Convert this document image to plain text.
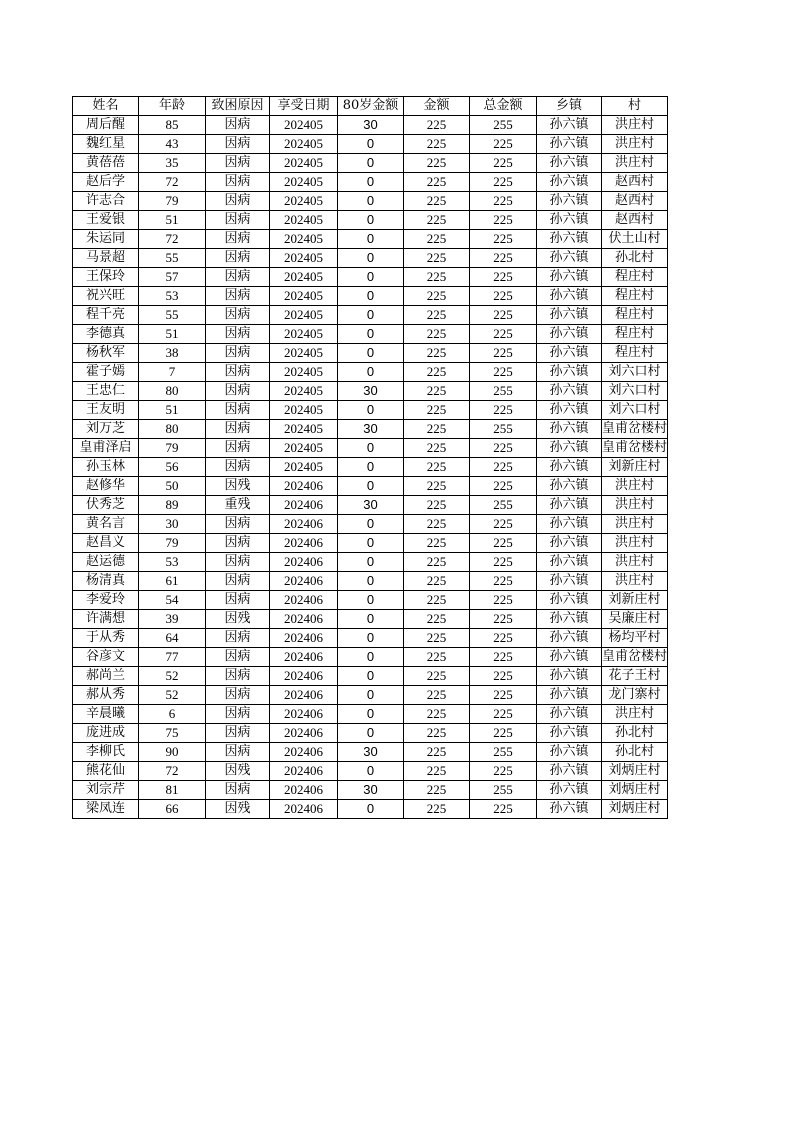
姓名	年龄	致困原因	享受日期	80岁金额	金额	总金额	乡镇	村
周后醒	85	因病	202405	30	225	255	孙六镇	洪庄村
魏红星	43	因病	202405	0	225	225	孙六镇	洪庄村
黄蓓蓓	35	因病	202405	0	225	225	孙六镇	洪庄村
赵后学	72	因病	202405	0	225	225	孙六镇	赵西村
许志合	79	因病	202405	0	225	225	孙六镇	赵西村
王爱银	51	因病	202405	0	225	225	孙六镇	赵西村
朱运同	72	因病	202405	0	225	225	孙六镇	伏土山村
马景超	55	因病	202405	0	225	225	孙六镇	孙北村
王保玲	57	因病	202405	0	225	225	孙六镇	程庄村
祝兴旺	53	因病	202405	0	225	225	孙六镇	程庄村
程千亮	55	因病	202405	0	225	225	孙六镇	程庄村
李德真	51	因病	202405	0	225	225	孙六镇	程庄村
杨秋军	38	因病	202405	0	225	225	孙六镇	程庄村
霍子嫣	7	因病	202405	0	225	225	孙六镇	刘六口村
王忠仁	80	因病	202405	30	225	255	孙六镇	刘六口村
王友明	51	因病	202405	0	225	225	孙六镇	刘六口村
刘万芝	80	因病	202405	30	225	255	孙六镇	皇甫岔楼村
皇甫泽启	79	因病	202405	0	225	225	孙六镇	皇甫岔楼村
孙玉林	56	因病	202405	0	225	225	孙六镇	刘新庄村
赵修华	50	因残	202406	0	225	225	孙六镇	洪庄村
伏秀芝	89	重残	202406	30	225	255	孙六镇	洪庄村
黄名言	30	因病	202406	0	225	225	孙六镇	洪庄村
赵昌义	79	因病	202406	0	225	225	孙六镇	洪庄村
赵运德	53	因病	202406	0	225	225	孙六镇	洪庄村
杨清真	61	因病	202406	0	225	225	孙六镇	洪庄村
李爱玲	54	因病	202406	0	225	225	孙六镇	刘新庄村
许满想	39	因残	202406	0	225	225	孙六镇	吴廉庄村
于从秀	64	因病	202406	0	225	225	孙六镇	杨均平村
谷彦文	77	因病	202406	0	225	225	孙六镇	皇甫岔楼村
郝尚兰	52	因病	202406	0	225	225	孙六镇	花子王村
郝从秀	52	因病	202406	0	225	225	孙六镇	龙门寨村
辛晨曦	6	因病	202406	0	225	225	孙六镇	洪庄村
庞进成	75	因病	202406	0	225	225	孙六镇	孙北村
李柳氏	90	因病	202406	30	225	255	孙六镇	孙北村
熊花仙	72	因残	202406	0	225	225	孙六镇	刘炳庄村
刘宗芹	81	因病	202406	30	225	255	孙六镇	刘炳庄村
梁凤连	66	因残	202406	0	225	225	孙六镇	刘炳庄村
